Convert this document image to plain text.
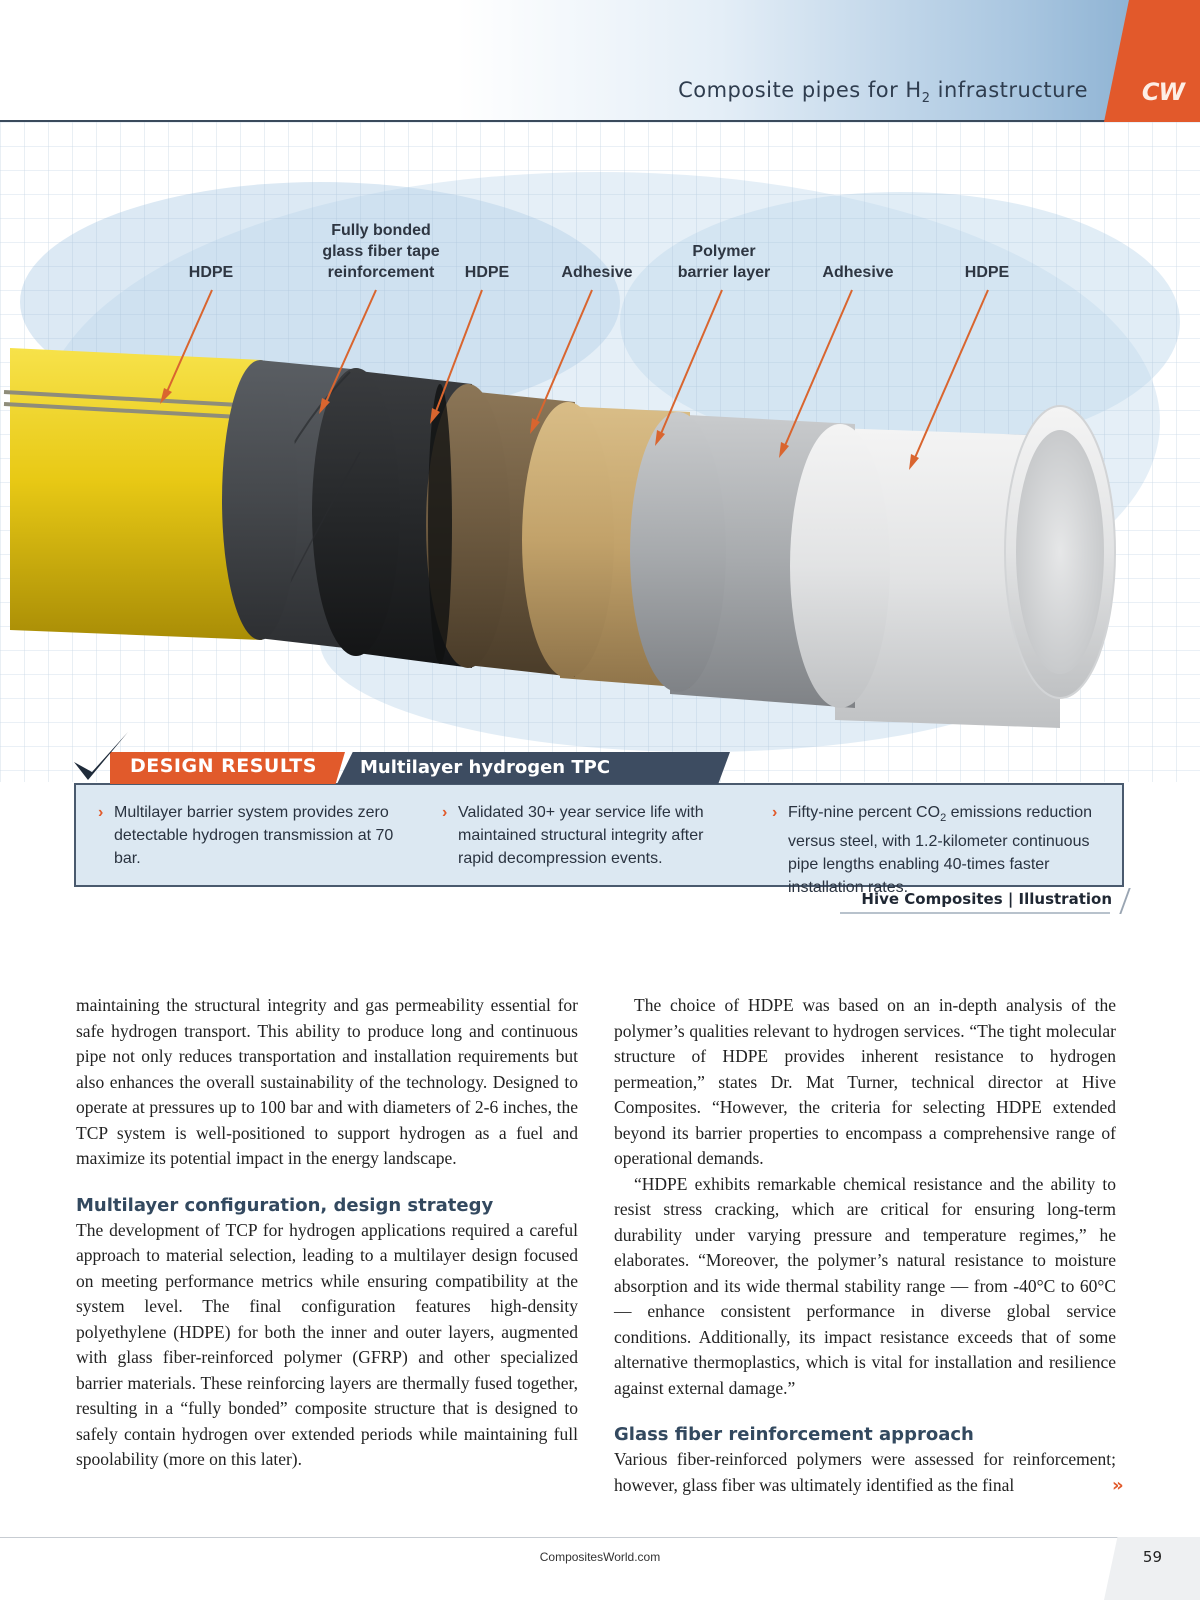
Composite pipes for $H_2$ infrastructure CW
HDPE
Fully bonded
glass fiber tape
reinforcement	HDPE	Adhesive
Polymer
barrier layer	Adhesive	HDPE
› Multilayer barrier system provides zero detectable hydrogen transmission at 70 bar.
› Validated 30+ year service life with maintained structural integrity after rapid decompression events.
› Fifty-nine percent $CO_2$ emissions reduction versus steel, with 1.2-kilometer continuous pipe lengths enabling 40-times faster installation rates.
DESIGN RESULTS Multilayer hydrogen TPC
Hive Composites | Illustration

maintaining the structural integrity and gas permeability essential for safe hydrogen transport. This ability to produce long and continuous pipe not only reduces transportation and installation requirements but also enhances the overall sustainability of the technology. Designed to operate at pressures up to 100 bar and with diameters of 2-6 inches, the TCP system is well-positioned to support hydrogen as a fuel and maximize its potential impact in the energy landscape.

Multilayer configuration, design strategy

The development of TCP for hydrogen applications required a careful approach to material selection, leading to a multilayer design focused on meeting performance metrics while ensuring compatibility at the system level. The final configuration features high-density polyethylene (HDPE) for both the inner and outer layers, augmented with glass fiber-reinforced polymer (GFRP) and other specialized barrier materials. These reinforcing layers are thermally fused together, resulting in a “fully bonded” composite structure that is designed to safely contain hydrogen over extended periods while maintaining full spoolability (more on this later).

The choice of HDPE was based on an in-depth analysis of the polymer’s qualities relevant to hydrogen services. “The tight molecular structure of HDPE provides inherent resistance to hydrogen permeation,” states Dr. Mat Turner, technical director at Hive Composites. “However, the criteria for selecting HDPE extended beyond its barrier properties to encompass a comprehensive range of operational demands.

“HDPE exhibits remarkable chemical resistance and the ability to resist stress cracking, which are critical for ensuring long-term durability under varying pressure and temperature regimes,” he elaborates. “Moreover, the polymer’s natural resistance to moisture absorption and its wide thermal stability range — from -40°C to 60°C — enhance consistent performance in diverse global service conditions. Additionally, its impact resistance exceeds that of some alternative thermoplastics, which is vital for installation and resilience against external damage.”

Glass fiber reinforcement approach

Various fiber-reinforced polymers were assessed for reinforcement; however, glass fiber was ultimately identified as the final	»
CompositesWorld.com	59
